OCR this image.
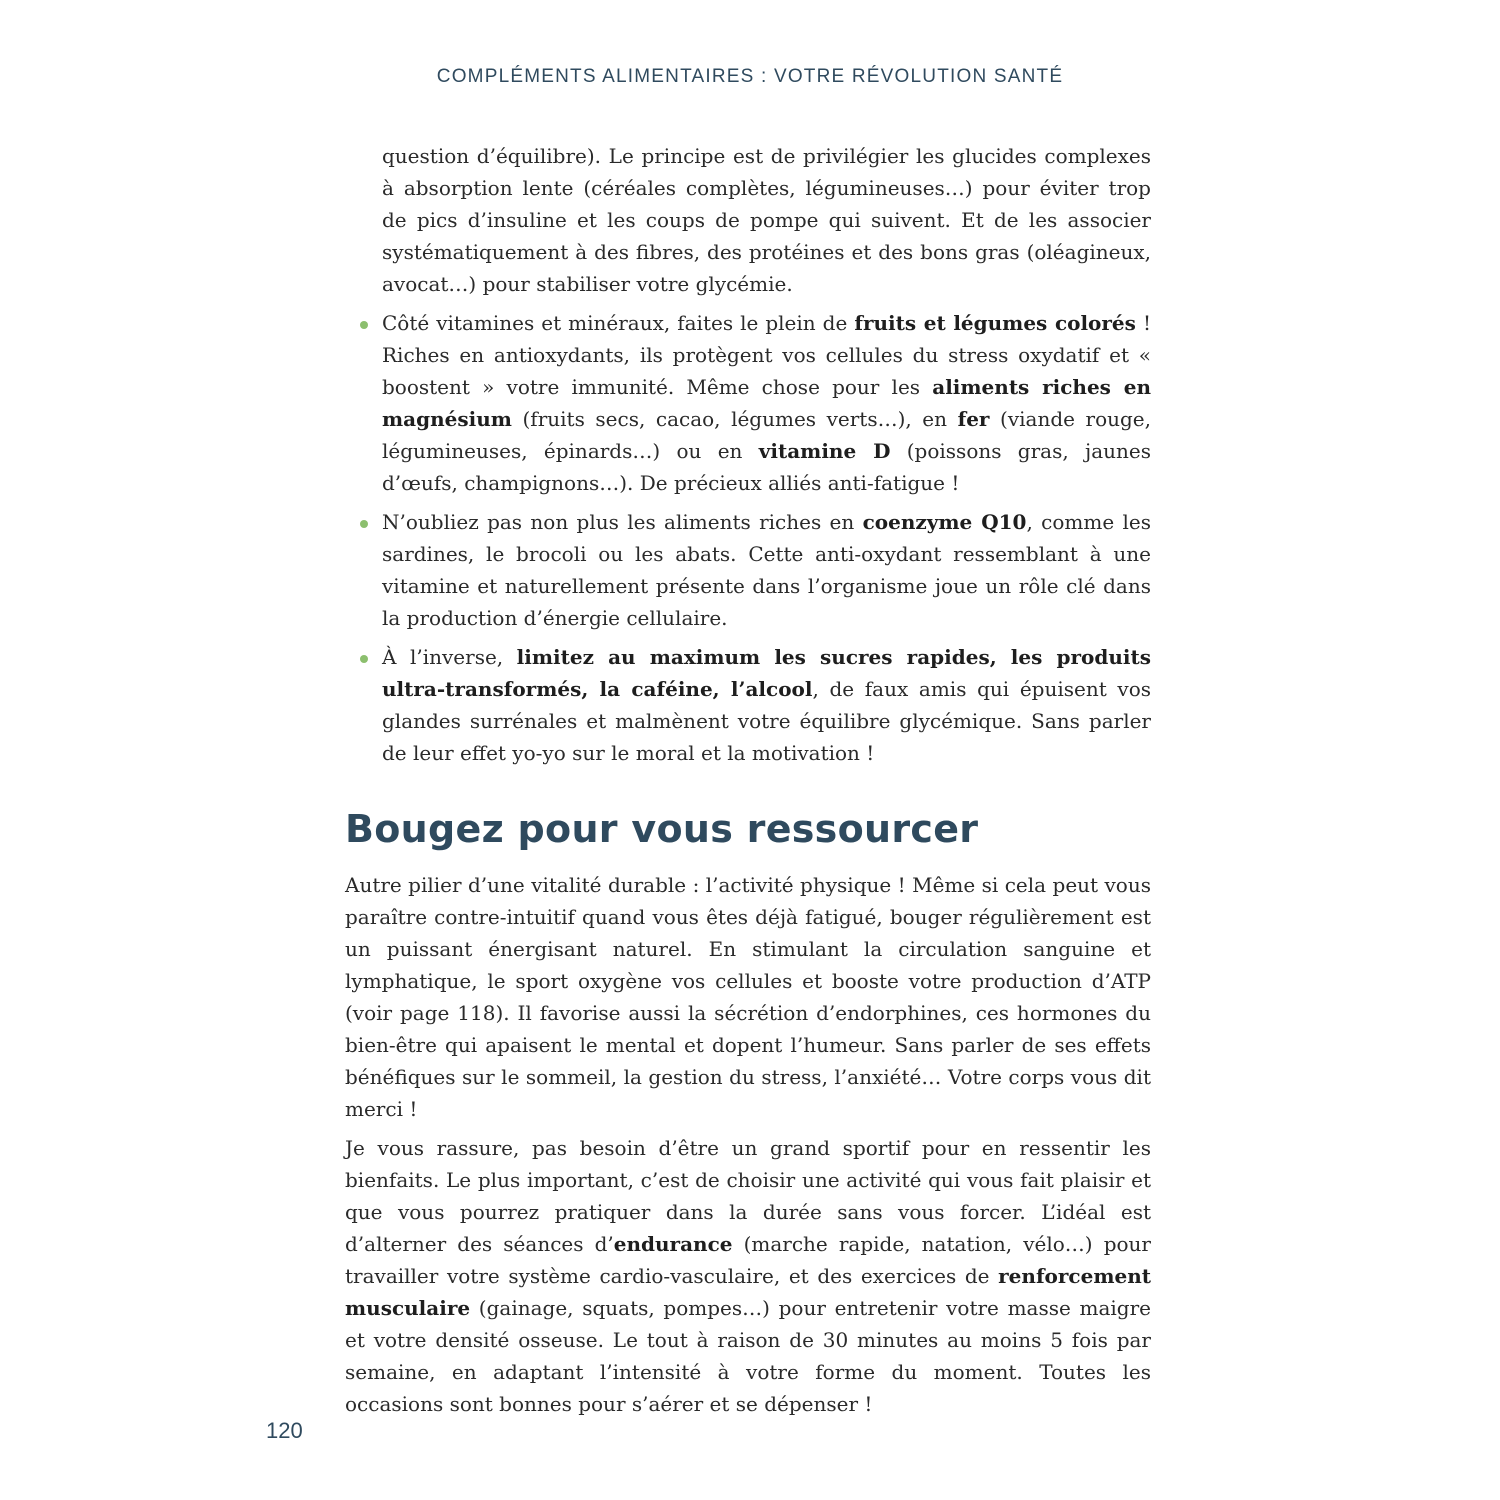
COMPLÉMENTS ALIMENTAIRES : VOTRE RÉVOLUTION SANTÉ

question d’équilibre). Le principe est de privilégier les glucides complexes à absorption lente (céréales complètes, légumineuses…) pour éviter trop de pics d’insuline et les coups de pompe qui suivent. Et de les associer systématiquement à des fibres, des protéines et des bons gras (oléagineux, avocat…) pour stabiliser votre glycémie.

Côté vitamines et minéraux, faites le plein de fruits et légumes colorés ! Riches en antioxydants, ils protègent vos cellules du stress oxydatif et « boostent » votre immunité. Même chose pour les aliments riches en magnésium (fruits secs, cacao, légumes verts…), en fer (viande rouge, légumineuses, épinards…) ou en vitamine D (poissons gras, jaunes d’œufs, champignons…). De précieux alliés anti-fatigue !
N’oubliez pas non plus les aliments riches en coenzyme Q10, comme les sardines, le brocoli ou les abats. Cette anti-oxydant ressemblant à une vitamine et naturellement présente dans l’organisme joue un rôle clé dans la production d’énergie cellulaire.
À l’inverse, limitez au maximum les sucres rapides, les produits ultra-transformés, la caféine, l’alcool, de faux amis qui épuisent vos glandes surrénales et malmènent votre équilibre glycémique. Sans parler de leur effet yo-yo sur le moral et la motivation !
Bougez pour vous ressourcer

Autre pilier d’une vitalité durable : l’activité physique ! Même si cela peut vous paraître contre-intuitif quand vous êtes déjà fatigué, bouger régulièrement est un puissant énergisant naturel. En stimulant la circulation sanguine et lymphatique, le sport oxygène vos cellules et booste votre production d’ATP (voir page 118). Il favorise aussi la sécrétion d’endorphines, ces hormones du bien-être qui apaisent le mental et dopent l’humeur. Sans parler de ses effets bénéfiques sur le sommeil, la gestion du stress, l’anxiété… Votre corps vous dit merci !

Je vous rassure, pas besoin d’être un grand sportif pour en ressentir les bienfaits. Le plus important, c’est de choisir une activité qui vous fait plaisir et que vous pourrez pratiquer dans la durée sans vous forcer. L’idéal est d’alterner des séances d’endurance (marche rapide, natation, vélo…) pour travailler votre système cardio-vasculaire, et des exercices de renforcement musculaire (gainage, squats, pompes…) pour entretenir votre masse maigre et votre densité osseuse. Le tout à raison de 30 minutes au moins 5 fois par semaine, en adaptant l’intensité à votre forme du moment. Toutes les occasions sont bonnes pour s’aérer et se dépenser !

120
